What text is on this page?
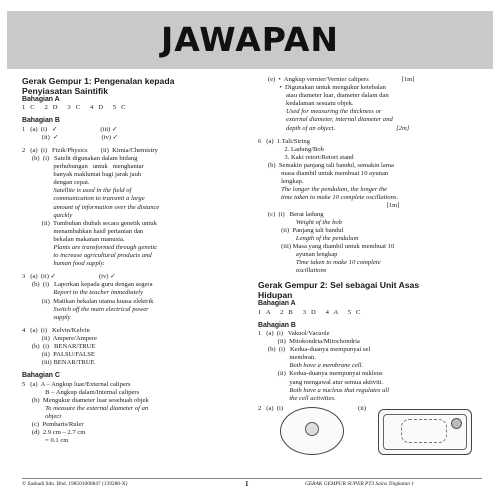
JAWAPAN
Gerak Gempur 1: Pengenalan kepada
Penyiasatan Saintifik
Bahagian A
1   C      2   D      3   C      4   D      5   C
Bahagian B
1   (a)  (i)   ✓                          (iii) ✓
(ii)  ✓                          (iv) ✓
2   (a)  (i)   Fizik/Physics        (ii)  Kimia/Chemistry
(b)  (i)   Satelit digunakan dalam bidang
perhubungan   untuk   menghantar
banyak maklumat bagi jarak jauh
dengan cepat.
Satellite is used in the field of
communication to transmit a large
amount of information over the distance
quickly
(ii)  Tumbuhan diubah secara genetik untuk
menambahkan hasil pertanian dan
bekalan makanan manusia.
Plants are transformed through genetic
to increase agricultural products and
human food supply.
3   (a)  (ii) ✓                          (iv) ✓
(b)  (i)   Laporkan kepada guru dengan segera
Report to the teacher immediately
(ii)  Matikan bekalan utama kuasa elektrik
Switch off the main electrical power
supply
4   (a)  (i)   Kelvin/Kelvin
(ii)  Ampere/Ampere
(b)  (i)   BENAR/TRUE
(ii)  PALSU/FALSE
(iii) BENAR/TRUE
Bahagian C
5   (a)  A – Angkup luar/External calipers
B – Angkup dalam/Internal calipers
(b)  Mengukur diameter luar sesebuah objek
To measure the external diameter of an
object
(c)  Pembaris/Ruler
(d)  2.9 cm – 2.7 cm
= 0.1 cm
(e)  •  Angkup vernier/Vernier calipers                    [1m]
•  Digunakan untuk mengukur ketebalan
atau diameter luar, diameter dalam dan
kedalaman sesuatu objek.
Used for measuring the thickness or
external diameter, internal diameter and
depth of an object.                                     [2m]
6   (a)  1.Tali/String
2. Ladung/Bob
3. Kaki retort/Retort stand
(b)  Semakin panjang tali bandul, semakin lama
masa diambil untuk membuat 10 ayunan
lengkap.
The longer the pendulum, the longer the
time taken to make 10 complete oscillations.
[1m]
(c)  (i)   Berat ladung
Weight of the bob
(ii)  Panjang tali bandul
Length of the pendulum
(iii) Masa yang diambil untuk membuat 10
ayunan lengkap
Time taken to make 10 complete
oscillations
Gerak Gempur 2: Sel sebagai Unit Asas
Hidupan
Bahagian A
1   A      2   B      3   D      4   A      5   C
Bahagian B
1   (a)  (i)   Vakuol/Vacuole
(ii)  Mitokondria/Mitochondria
(b)  (i)   Kedua-duanya mempunyai sel
membran.
Both have a membrane cell.
(ii)  Kedua-duanya mempunyai nukleus
yang mengawal atur semua aktiviti.
Both have a nucleus that regulates all
the cell activities.
2   (a)  (i)	(ii)
© Sasbadi Sdn. Bhd. 198501006847 (139288-X)	1	GERAK GEMPUR SUPER PT3 Sains Tingkatan 1
